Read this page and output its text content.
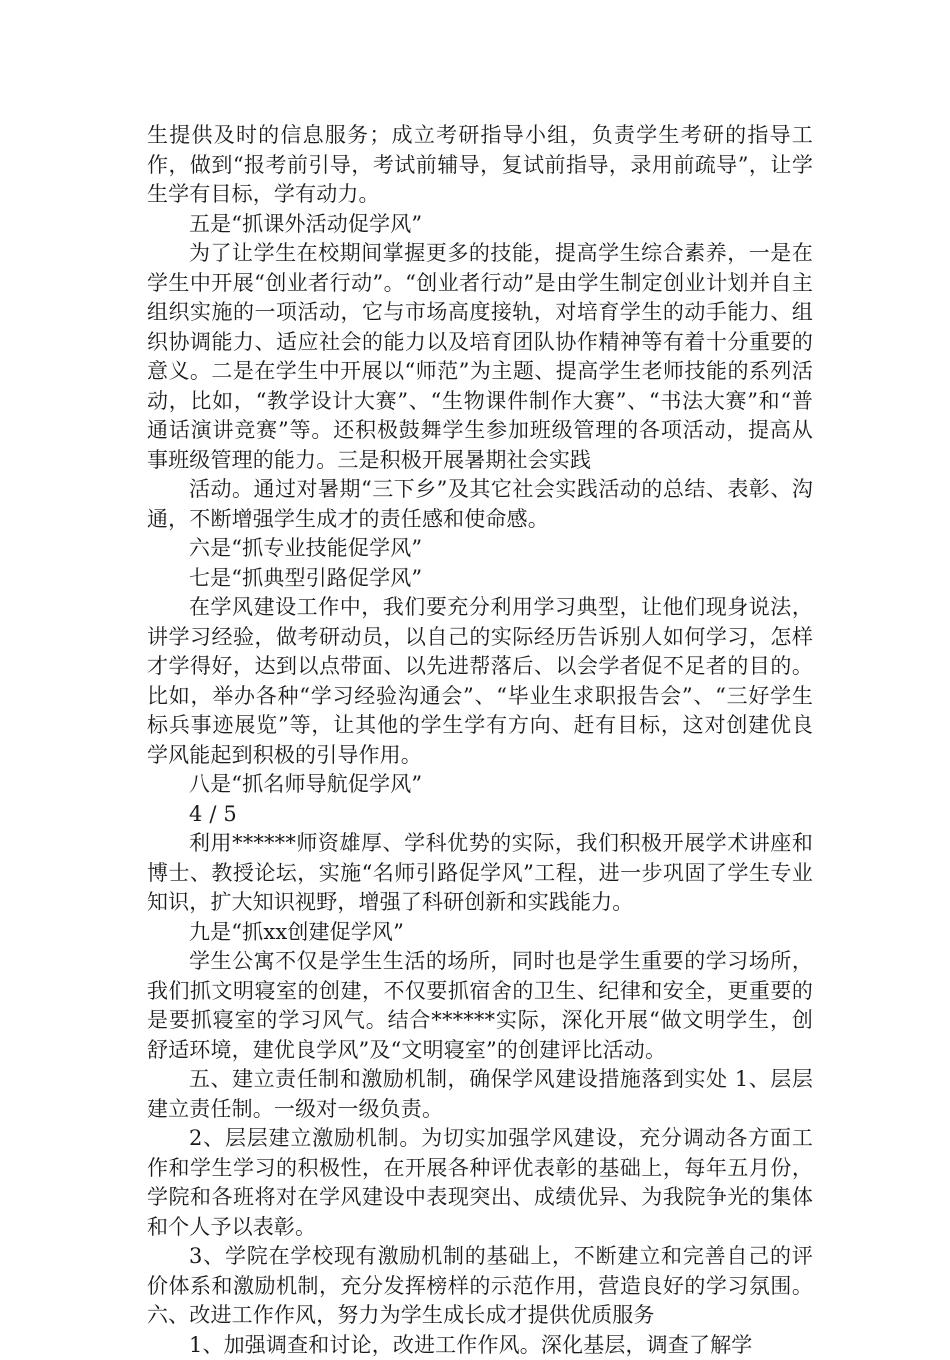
生提供及时的信息服务；成立考研指导小组，负责学生考研的指导工作，做到“报考前引导，考试前辅导，复试前指导，录用前疏导”，让学生学有目标，学有动力。

五是“抓课外活动促学风”

为了让学生在校期间掌握更多的技能，提高学生综合素养，一是在学生中开展“创业者行动”。“创业者行动”是由学生制定创业计划并自主组织实施的一项活动，它与市场高度接轨，对培育学生的动手能力、组织协调能力、适应社会的能力以及培育团队协作精神等有着十分重要的意义。二是在学生中开展以“师范”为主题、提高学生老师技能的系列活动，比如，“教学设计大赛”、“生物课件制作大赛”、“书法大赛”和“普通话演讲竞赛”等。还积极鼓舞学生参加班级管理的各项活动，提高从事班级管理的能力。三是积极开展暑期社会实践

活动。通过对暑期“三下乡”及其它社会实践活动的总结、表彰、沟通，不断增强学生成才的责任感和使命感。

六是“抓专业技能促学风”

七是“抓典型引路促学风”

在学风建设工作中，我们要充分利用学习典型，让他们现身说法，讲学习经验，做考研动员，以自己的实际经历告诉别人如何学习，怎样才学得好，达到以点带面、以先进帮落后、以会学者促不足者的目的。比如，举办各种“学习经验沟通会”、“毕业生求职报告会”、“三好学生标兵事迹展览”等，让其他的学生学有方向、赶有目标，这对创建优良学风能起到积极的引导作用。

八是“抓名师导航促学风”

4 / 5

利用******师资雄厚、学科优势的实际，我们积极开展学术讲座和博士、教授论坛，实施“名师引路促学风”工程，进一步巩固了学生专业知识，扩大知识视野，增强了科研创新和实践能力。

九是“抓xx创建促学风”

学生公寓不仅是学生生活的场所，同时也是学生重要的学习场所，我们抓文明寝室的创建，不仅要抓宿舍的卫生、纪律和安全，更重要的是要抓寝室的学习风气。结合******实际，深化开展“做文明学生，创舒适环境，建优良学风”及“文明寝室”的创建评比活动。

五、建立责任制和激励机制，确保学风建设措施落到实处 1、层层建立责任制。一级对一级负责。

2、层层建立激励机制。为切实加强学风建设，充分调动各方面工作和学生学习的积极性，在开展各种评优表彰的基础上，每年五月份，学院和各班将对在学风建设中表现突出、成绩优异、为我院争光的集体和个人予以表彰。

3、学院在学校现有激励机制的基础上，不断建立和完善自己的评价体系和激励机制，充分发挥榜样的示范作用，营造良好的学习氛围。六、改进工作作风，努力为学生成长成才提供优质服务

1、加强调查和讨论，改进工作作风。深化基层，调查了解学
